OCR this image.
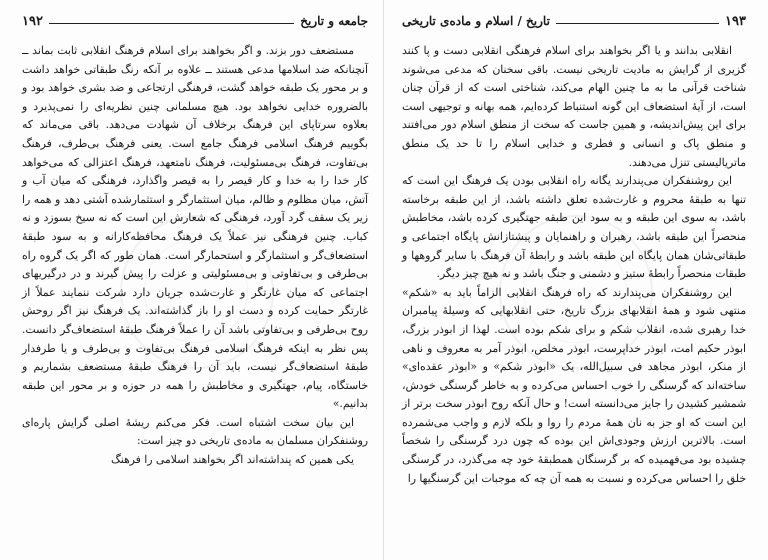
۱۹۲	جامعه و تاریخ

مستضعف دور بزند. و اگر بخواهند برای اسلام فرهنگ انقلابی ثابت بماند ــ آنچنانکه ضد اسلامها مدعی هستند ــ علاوه بر آنکه رنگ طبقاتی خواهد داشت و بر محور یک طبقه خواهد گشت، فرهنگی ارتجاعی و ضد بشری خواهد بود و بالضروره خدایی نخواهد بود. هیچ مسلمانی چنین نظریه‌ای را نمی‌پذیرد و بعلاوه سرتاپای این فرهنگ برخلاف آن شهادت می‌دهد. باقی می‌ماند که بگوییم فرهنگ اسلامی فرهنگ جامع است. یعنی فرهنگ بی‌طرف، فرهنگ بی‌تفاوت، فرهنگ بی‌مسئولیت، فرهنگ نامتعهد، فرهنگ اعتزالی که می‌خواهد کار خدا را به خدا و کار قیصر را به قیصر واگذارد، فرهنگی که میان آب و آتش، میان مظلوم و ظالم، میان استثمارگر و استثمارشده آشتی دهد و همه را زیر یک سقف گرد آورد، فرهنگی که شعارش این است که نه سیخ بسوزد و نه کباب. چنین فرهنگی نیز عملاً یک فرهنگ محافظه‌کارانه و به سود طبقهٔ استضعاف‌گر و استثمارگر و استحمارگر است. همان طور که اگر یک گروه راه بی‌طرفی و بی‌تفاوتی و بی‌مسئولیتی و عزلت را پیش گیرند و در درگیریهای اجتماعی که میان غارتگر و غارت‌شده جریان دارد شرکت ننمایند عملاً از غارتگر حمایت کرده و دست او را باز گذاشته‌اند. یک فرهنگ نیز اگر روحش روح بی‌طرفی و بی‌تفاوتی باشد آن را عملاً فرهنگ طبقهٔ استضعاف‌گر دانست. پس نظر به اینکه فرهنگ اسلامی فرهنگ بی‌تفاوت و بی‌طرف و یا طرفدار طبقهٔ استضعاف‌گر نیست، باید آن را فرهنگ طبقهٔ مستضعف بشماریم و خاستگاه، پیام، جهتگیری و مخاطبش را همه در حوزه و بر محور این طبقه بدانیم.»

این بیان سخت اشتباه است. فکر می‌کنم ریشهٔ اصلی گرایش پاره‌ای روشنفکران مسلمان به ماده‌ی تاریخی دو چیز است:

یکی همین که پنداشته‌اند اگر بخواهند اسلامی را فرهنگ

تاریخ / اسلام و ماده‌ی تاریخی	۱۹۳

انقلابی بدانند و یا اگر بخواهند برای اسلام فرهنگی انقلابی دست و پا کنند گزیری از گرایش به مادیت تاریخی نیست. باقی سخنان که مدعی می‌شوند شناخت قرآنی ما به ما چنین الهام می‌کند، شناختی است که از قرآن چنان است، از آیهٔ استضعاف این گونه استنباط کرده‌ایم، همه بهانه و توجیهی است برای این پیش‌اندیشه، و همین جاست که سخت از منطق اسلام دور می‌افتند و منطق پاک و انسانی و فطری و خدایی اسلام را تا حد یک منطق ماتریالیستی تنزل می‌دهند.

این روشنفکران می‌پندارند یگانه راه انقلابی بودن یک فرهنگ این است که تنها به طبقهٔ محروم و غارت‌شده تعلق داشته باشد، از این طبقه برخاسته باشد، به سوی این طبقه و به سود این طبقه جهتگیری کرده باشد، مخاطبش منحصراً این طبقه باشد، رهبران و راهنمایان و پیشتازانش پایگاه اجتماعی و طبقاتی‌شان همان پایگاه این طبقه باشد و رابطهٔ آن فرهنگ با سایر گروهها و طبقات منحصراً رابطهٔ ستیز و دشمنی و جنگ باشد و نه هیچ چیز دیگر.

این روشنفکران می‌پندارند که راه فرهنگ انقلابی الزاماً باید به «شکم» منتهی شود و همهٔ انقلابهای بزرگ تاریخ، حتی انقلابهایی که وسیلهٔ پیامبران خدا رهبری شده، انقلاب شکم و برای شکم بوده است. لهذا از ابوذر بزرگ، ابوذر حکیم امت، ابوذر خداپرست، ابوذر مخلص، ابوذر آمر به معروف و ناهی از منکر، ابوذر مجاهد فی سبیل‌الله، یک «ابوذر شکم» و «ابوذر عقده‌ای» ساخته‌اند که گرسنگی را خوب احساس می‌کرده و به خاطر گرسنگی خودش، شمشیر کشیدن را جایز می‌دانسته است! و حال آنکه روح ابوذر سخت برتر از این است که او جز به نان همهٔ مردم را روا و بلکه لازم و واجب می‌شمرده است. بالاترین ارزش وجودی‌اش این بوده که چون درد گرسنگی را شخصاً چشیده بود می‌فهمیده که بر گرسنگان همطبقهٔ خود چه می‌گذرد، در گرسنگی خلق را احساس می‌کرده و نسبت به همه آن چه که موجبات این گرسنگیها را
